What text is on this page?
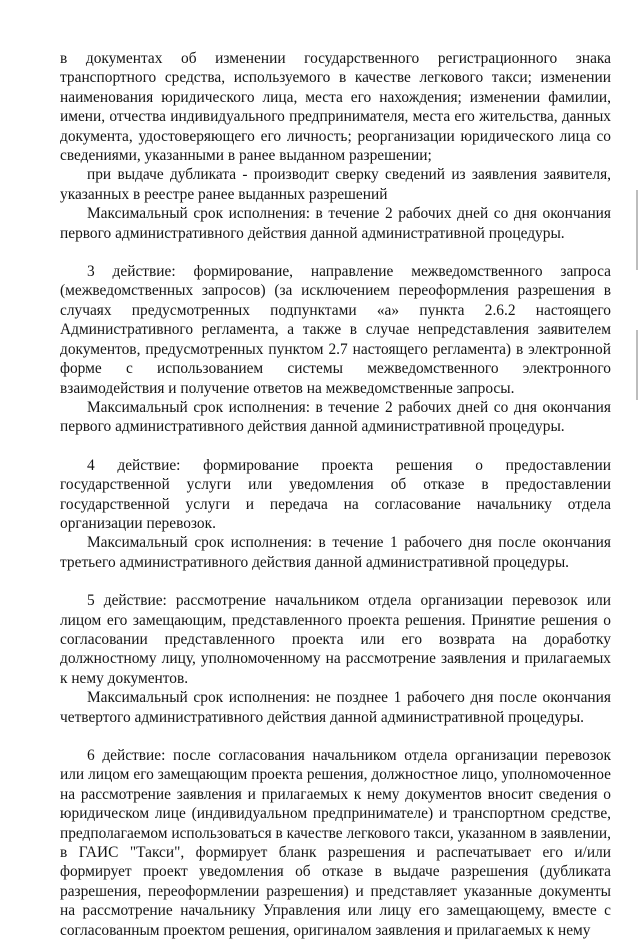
в документах об изменении государственного регистрационного знака транспортного средства, используемого в качестве легкового такси; изменении наименования юридического лица, места его нахождения; изменении фамилии, имени, отчества индивидуального предпринимателя, места его жительства, данных документа, удостоверяющего его личность; реорганизации юридического лица со сведениями, указанными в ранее выданном разрешении;

при выдаче дубликата - производит сверку сведений из заявления заявителя, указанных в реестре ранее выданных разрешений

Максимальный срок исполнения: в течение 2 рабочих дней со дня окончания первого административного действия данной административной процедуры.

3 действие: формирование, направление межведомственного запроса (межведомственных запросов) (за исключением переоформления разрешения в случаях предусмотренных подпунктами «а» пункта 2.6.2 настоящего Административного регламента, а также в случае непредставления заявителем документов, предусмотренных пунктом 2.7 настоящего регламента) в электронной форме с использованием системы межведомственного электронного взаимодействия и получение ответов на межведомственные запросы.

Максимальный срок исполнения: в течение 2 рабочих дней со дня окончания первого административного действия данной административной процедуры.

4 действие: формирование проекта решения о предоставлении государственной услуги или уведомления об отказе в предоставлении государственной услуги и передача на согласование начальнику отдела организации перевозок.

Максимальный срок исполнения: в течение 1 рабочего дня после окончания третьего административного действия данной административной процедуры.

5 действие: рассмотрение начальником отдела организации перевозок или лицом его замещающим, представленного проекта решения. Принятие решения о согласовании представленного проекта или его возврата на доработку должностному лицу, уполномоченному на рассмотрение заявления и прилагаемых к нему документов.

Максимальный срок исполнения: не позднее 1 рабочего дня после окончания четвертого административного действия данной административной процедуры.

6 действие: после согласования начальником отдела организации перевозок или лицом его замещающим проекта решения, должностное лицо, уполномоченное на рассмотрение заявления и прилагаемых к нему документов вносит сведения о юридическом лице (индивидуальном предпринимателе) и транспортном средстве, предполагаемом использоваться в качестве легкового такси, указанном в заявлении, в ГАИС "Такси", формирует бланк разрешения и распечатывает его и/или формирует проект уведомления об отказе в выдаче разрешения (дубликата разрешения, переоформлении разрешения) и представляет указанные документы на рассмотрение начальнику Управления или лицу его замещающему, вместе с согласованным проектом решения, оригиналом заявления и прилагаемых к нему
